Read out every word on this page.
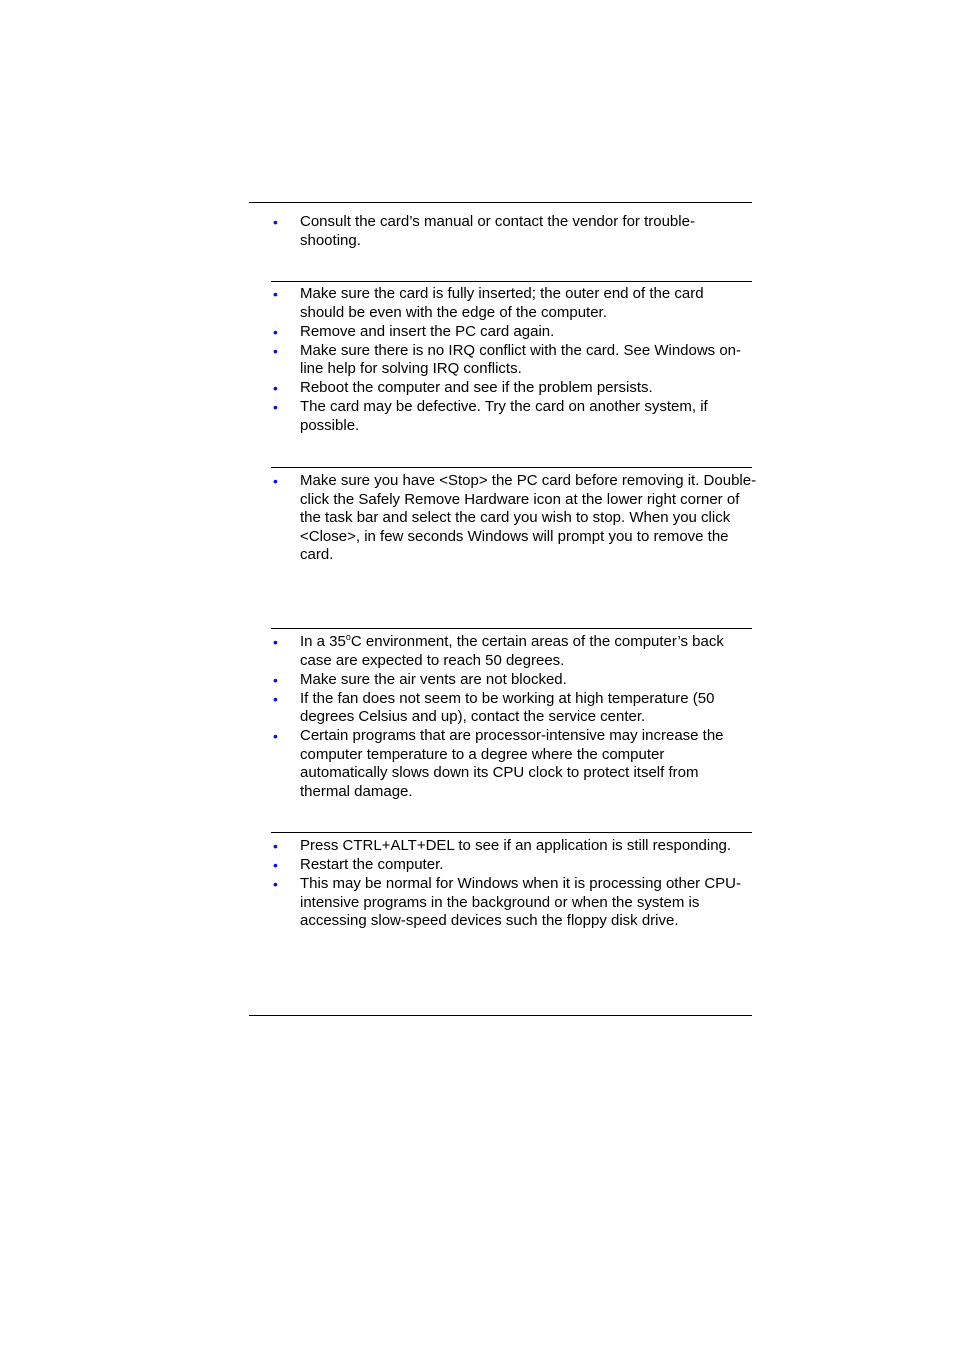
• Consult the card’s manual or contact the vendor for trouble-shooting.
• Make sure the card is fully inserted; the outer end of the card should be even with the edge of the computer.
• Remove and insert the PC card again.
• Make sure there is no IRQ conflict with the card. See Windows on-line help for solving IRQ conflicts.
• Reboot the computer and see if the problem persists.
• The card may be defective. Try the card on another system, if possible.
• Make sure you have <Stop> the PC card before removing it. Double-click the Safely Remove Hardware icon at the lower right corner of the task bar and select the card you wish to stop. When you click <Close>, in few seconds Windows will prompt you to remove the card.
• In a 35$^o$C environment, the certain areas of the computer’s back case are expected to reach 50 degrees.
• Make sure the air vents are not blocked.
• If the fan does not seem to be working at high temperature (50 degrees Celsius and up), contact the service center.
• Certain programs that are processor-intensive may increase the computer temperature to a degree where the computer automatically slows down its CPU clock to protect itself from thermal damage.
• Press CTRL+ALT+DEL to see if an application is still responding.
• Restart the computer.
• This may be normal for Windows when it is processing other CPU-intensive programs in the background or when the system is accessing slow-speed devices such the floppy disk drive.
